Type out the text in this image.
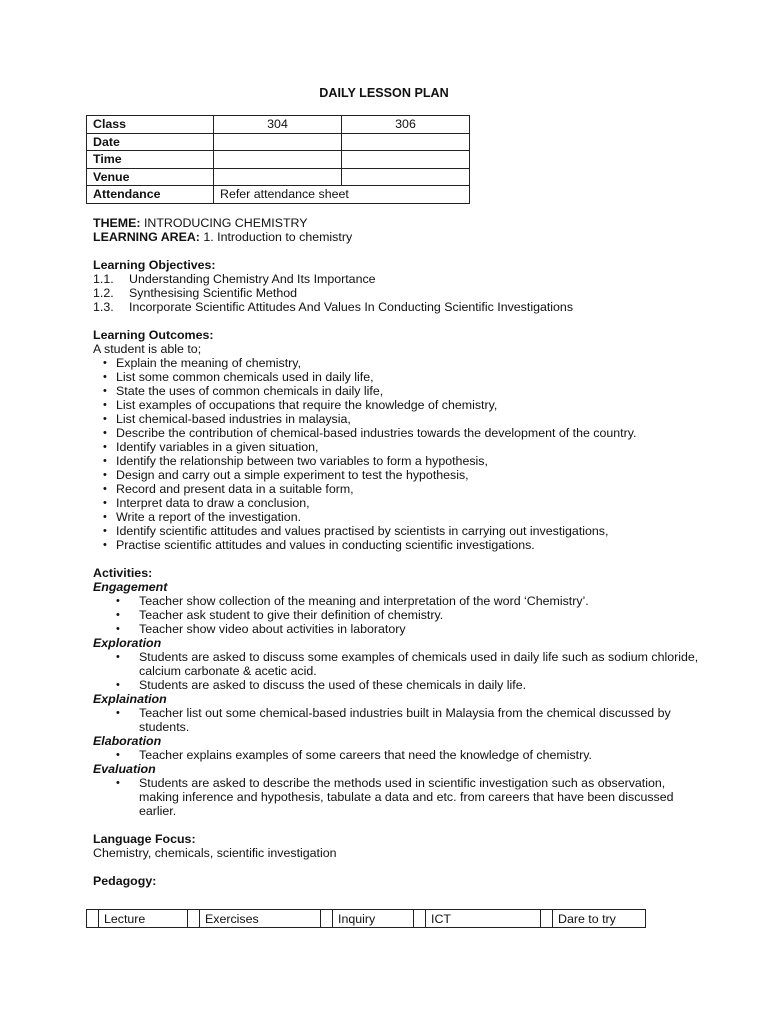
DAILY LESSON PLAN
Class	304	306
Date		
Time		
Venue		
Attendance	Refer attendance sheet	
THEME: INTRODUCING CHEMISTRY
LEARNING AREA: 1. Introduction to chemistry
Learning Objectives:
1.1. Understanding Chemistry And Its Importance
1.2. Synthesising Scientific Method
1.3. Incorporate Scientific Attitudes And Values In Conducting Scientific Investigations
Learning Outcomes:
A student is able to;
• Explain the meaning of chemistry,
• List some common chemicals used in daily life,
• State the uses of common chemicals in daily life,
• List examples of occupations that require the knowledge of chemistry,
• List chemical-based industries in malaysia,
• Describe the contribution of chemical-based industries towards the development of the country.
• Identify variables in a given situation,
• Identify the relationship between two variables to form a hypothesis,
• Design and carry out a simple experiment to test the hypothesis,
• Record and present data in a suitable form,
• Interpret data to draw a conclusion,
• Write a report of the investigation.
• Identify scientific attitudes and values practised by scientists in carrying out investigations,
• Practise scientific attitudes and values in conducting scientific investigations.
Activities:
Engagement
• Teacher show collection of the meaning and interpretation of the word ‘Chemistry’.
• Teacher ask student to give their definition of chemistry.
• Teacher show video about activities in laboratory
Exploration
• Students are asked to discuss some examples of chemicals used in daily life such as sodium chloride, calcium carbonate & acetic acid.
• Students are asked to discuss the used of these chemicals in daily life.
Explaination
• Teacher list out some chemical-based industries built in Malaysia from the chemical discussed by students.
Elaboration
• Teacher explains examples of some careers that need the knowledge of chemistry.
Evaluation
• Students are asked to describe the methods used in scientific investigation such as observation, making inference and hypothesis, tabulate a data and etc. from careers that have been discussed earlier.
Language Focus:
Chemistry, chemicals, scientific investigation
Pedagogy:
	Lecture		Exercises		Inquiry		ICT		Dare to try
